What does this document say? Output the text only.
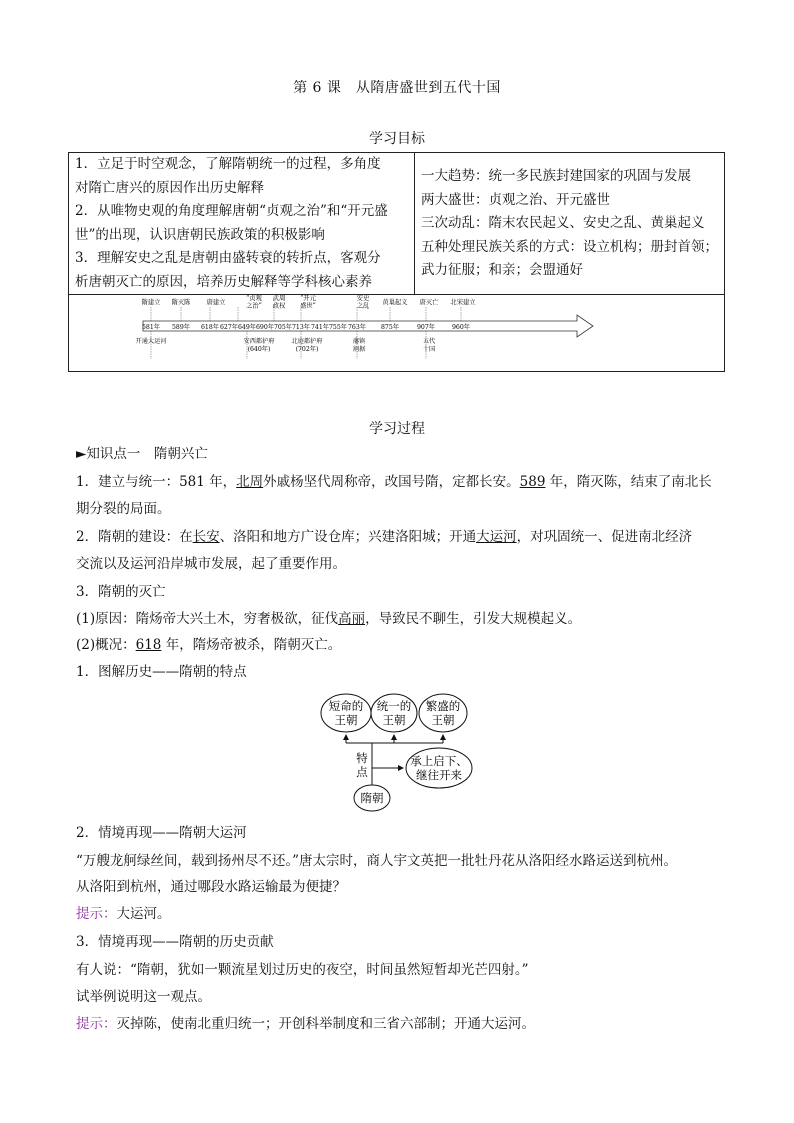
第 6 课　从隋唐盛世到五代十国
学习目标

1．立足于时空观念，了解隋朝统一的过程，多角度

对隋亡唐兴的原因作出历史解释

2．从唯物史观的角度理解唐朝“贞观之治”和“开元盛

世”的出现，认识唐朝民族政策的积极影响

3．理解安史之乱是唐朝由盛转衰的转折点，客观分

析唐朝灭亡的原因，培养历史解释等学科核心素养

一大趋势：统一多民族封建国家的巩固与发展

两大盛世：贞观之治、开元盛世

三次动乱：隋末农民起义、安史之乱、黄巢起义

五种处理民族关系的方式：设立机构；册封首领；

武力征服；和亲；会盟通好

581年 589年 618年 627年 649年 690年 705年 713年 741年 755年 763年 875年	907年	960年
隋建立 隋灭陈	唐建立
“贞观
之治”
武周
政权
“开元
盛世”
安史
之乱 黄巢起义 唐灭亡 北宋建立
开通大运河	安西都护府
(640年)
北庭都护府
(702年)
藩镇
割据
五代
十国
学习过程
►知识点一　隋朝兴亡
1．建立与统一：581 年，北周外戚杨坚代周称帝，改国号隋，定都长安。589 年，隋灭陈，结束了南北长
期分裂的局面。
2．隋朝的建设：在长安、洛阳和地方广设仓库；兴建洛阳城；开通大运河，对巩固统一、促进南北经济
交流以及运河沿岸城市发展，起了重要作用。
3．隋朝的灭亡
(1)原因：隋炀帝大兴土木，穷奢极欲，征伐高丽，导致民不聊生，引发大规模起义。
(2)概况：618 年，隋炀帝被杀，隋朝灭亡。
1．图解历史——隋朝的特点
短命的
王朝
统一的
王朝
繁盛的
王朝
承上启下、
继往开来
隋朝
特
点
2．情境再现——隋朝大运河
“万艘龙舸绿丝间，载到扬州尽不还。”唐太宗时，商人宇文英把一批牡丹花从洛阳经水路运送到杭州。
从洛阳到杭州，通过哪段水路运输最为便捷？
提示：大运河。
3．情境再现——隋朝的历史贡献
有人说：“隋朝，犹如一颗流星划过历史的夜空，时间虽然短暂却光芒四射。”
试举例说明这一观点。
提示：灭掉陈，使南北重归统一；开创科举制度和三省六部制；开通大运河。
